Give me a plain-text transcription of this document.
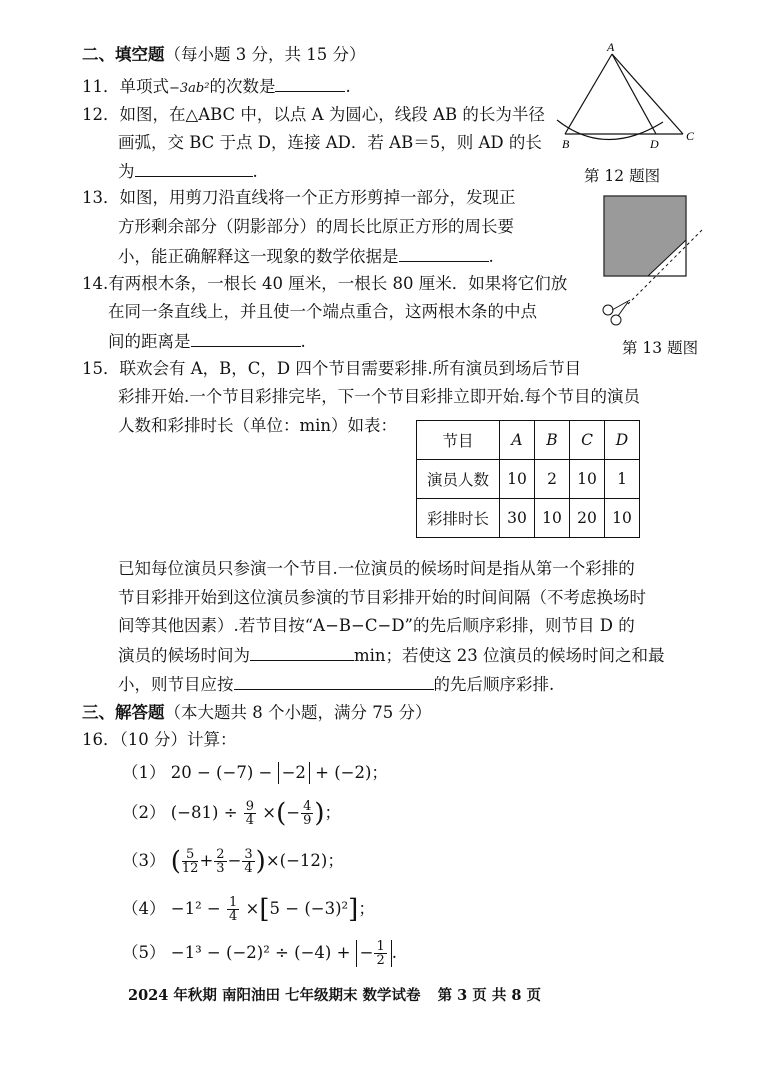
二、填空题（每小题 3 分，共 15 分）
11．单项式−3ab²的次数是	.
12．如图，在△ABC 中，以点 A 为圆心，线段 AB 的长为半径
画弧，交 BC 于点 D，连接 AD．若 AB＝5，则 AD 的长
为	.
A
B
C
D
第 12 题图
13．如图，用剪刀沿直线将一个正方形剪掉一部分，发现正
方形剩余部分（阴影部分）的周长比原正方形的周长要
小，能正确解释这一现象的数学依据是	.
第 13 题图
14.有两根木条，一根长 40 厘米，一根长 80 厘米．如果将它们放
在同一条直线上，并且使一个端点重合，这两根木条的中点
间的距离是	.
15．联欢会有 A，B，C，D 四个节目需要彩排.所有演员到场后节目
彩排开始.一个节目彩排完毕，下一个节目彩排立即开始.每个节目的演员
人数和彩排时长（单位：min）如表：
节目	A	B	C	D
演员人数	10	2	10	1
彩排时长	30	10	20	10
已知每位演员只参演一个节目.一位演员的候场时间是指从第一个彩排的
节目彩排开始到这位演员参演的节目彩排开始的时间间隔（不考虑换场时
间等其他因素）.若节目按“A−B−C−D”的先后顺序彩排，则节目 D 的
演员的候场时间为	min；若使这 23 位演员的候场时间之和最
小，则节目应按	的先后顺序彩排.
三、解答题（本大题共 8 个小题，满分 75 分）
16．（10 分）计算：
（1） 20 − (−7) − −2 + (−2)；
（2） $(-81) \div \frac{9}{4}$ ×(− $\frac{4}{9}$ )；
（3） ( $\frac{5}{12} + \frac{2}{3} - \frac{3}{4} )\times(-12)$；
$(4) -1^2 - \frac{1}{4} \times[5 - (-3)^2]$；
（5） −1³ − (−2)² ÷ (−4) + − $\frac{1}{2}$ .
2024 年秋期 南阳油田 七年级期末 数学试卷 第 3 页 共 8 页
